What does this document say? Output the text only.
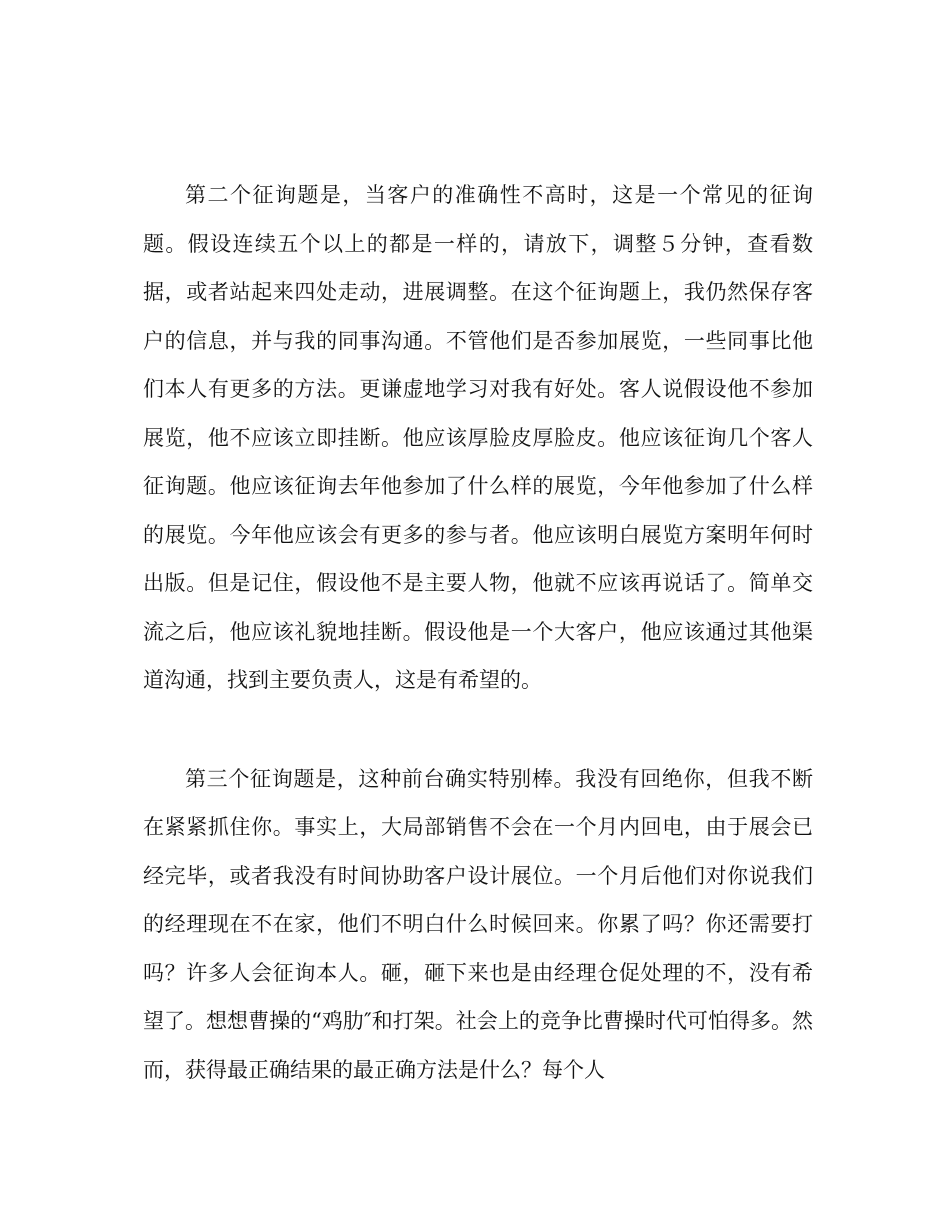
第二个征询题是，当客户的准确性不高时，这是一个常见的征询题。假设连续五个以上的都是一样的，请放下，调整５分钟，查看数据，或者站起来四处走动，进展调整。在这个征询题上，我仍然保存客户的信息，并与我的同事沟通。不管他们是否参加展览，一些同事比他们本人有更多的方法。更谦虚地学习对我有好处。客人说假设他不参加展览，他不应该立即挂断。他应该厚脸皮厚脸皮。他应该征询几个客人征询题。他应该征询去年他参加了什么样的展览，今年他参加了什么样的展览。今年他应该会有更多的参与者。他应该明白展览方案明年何时出版。但是记住，假设他不是主要人物，他就不应该再说话了。简单交流之后，他应该礼貌地挂断。假设他是一个大客户，他应该通过其他渠道沟通，找到主要负责人，这是有希望的。

第三个征询题是，这种前台确实特别棒。我没有回绝你，但我不断在紧紧抓住你。事实上，大局部销售不会在一个月内回电，由于展会已经完毕，或者我没有时间协助客户设计展位。一个月后他们对你说我们的经理现在不在家，他们不明白什么时候回来。你累了吗？你还需要打吗？许多人会征询本人。砸，砸下来也是由经理仓促处理的不，没有希望了。想想曹操的“鸡肋″和打架。社会上的竞争比曹操时代可怕得多。然而，获得最正确结果的最正确方法是什么？每个人
